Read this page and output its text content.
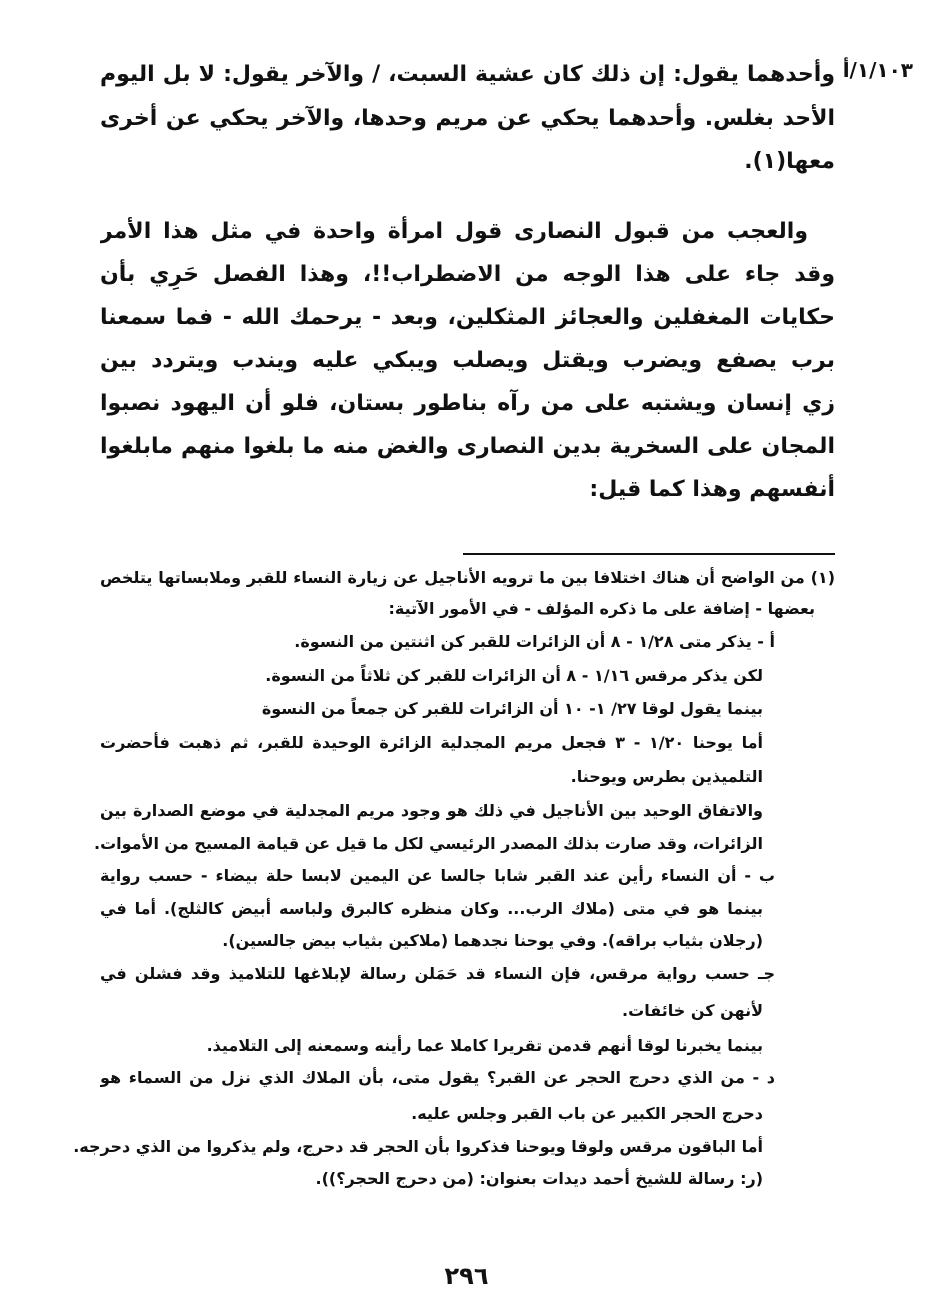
١/١٠٣/أ
وأحدهما يقول: إن ذلك كان عشية السبت، / والآخر يقول: لا بل اليوم
الأحد بغلس. وأحدهما يحكي عن مريم وحدها، والآخر يحكي عن أخرى
معها(١).
والعجب من قبول النصارى قول امرأة واحدة في مثل هذا الأمر
وقد جاء على هذا الوجه من الاضطراب!!، وهذا الفصل حَرِي بأن
حكايات المغفلين والعجائز المثكلين، وبعد - يرحمك الله - فما سمعنا
برب يصفع ويضرب ويقتل ويصلب ويبكي عليه ويندب ويتردد بين
زي إنسان ويشتبه على من رآه بناطور بستان، فلو أن اليهود نصبوا
المجان على السخرية بدين النصارى والغض منه ما بلغوا منهم مابلغوا
أنفسهم وهذا كما قيل:
(١) من الواضح أن هناك اختلافا بين ما ترويه الأناجيل عن زيارة النساء للقبر وملابساتها يتلخص
بعضها - إضافة على ما ذكره المؤلف - في الأمور الآتية:
أ - يذكر متى ١/٢٨ - ٨ أن الزائرات للقبر كن اثنتين من النسوة.
لكن يذكر مرقس ١/١٦ - ٨ أن الزائرات للقبر كن ثلاثاً من النسوة.
بينما يقول لوقا ٢٧/ ١- ١٠ أن الزائرات للقبر كن جمعاً من النسوة
أما يوحنا ١/٢٠ - ٣ فجعل مريم المجدلية الزائرة الوحيدة للقبر، ثم ذهبت فأحضرت
التلميذين بطرس ويوحنا.
والاتفاق الوحيد بين الأناجيل في ذلك هو وجود مريم المجدلية في موضع الصدارة بين
الزائرات، وقد صارت بذلك المصدر الرئيسي لكل ما قيل عن قيامة المسيح من الأموات.
ب - أن النساء رأين عند القبر شابا جالسا عن اليمين لابسا حلة بيضاء - حسب رواية
بينما هو في متى (ملاك الرب... وكان منظره كالبرق ولباسه أبيض كالثلج). أما في
(رجلان بثياب براقه). وفي يوحنا نجدهما (ملاكين بثياب بيض جالسين).
جـ حسب رواية مرقس، فإن النساء قد حَمَلن رسالة لإبلاغها للتلاميذ وقد فشلن في
لأنهن كن خائفات.
بينما يخبرنا لوقا أنهم قدمن تقريرا كاملا عما رأينه وسمعنه إلى التلاميذ.
د - من الذي دحرج الحجر عن القبر؟ يقول متى، بأن الملاك الذي نزل من السماء هو
دحرج الحجر الكبير عن باب القبر وجلس عليه.
أما الباقون مرقس ولوقا ويوحنا فذكروا بأن الحجر قد دحرج، ولم يذكروا من الذي دحرجه.
(ر: رسالة للشيخ أحمد ديدات بعنوان: (من دحرج الحجر؟)).
٢٩٦
